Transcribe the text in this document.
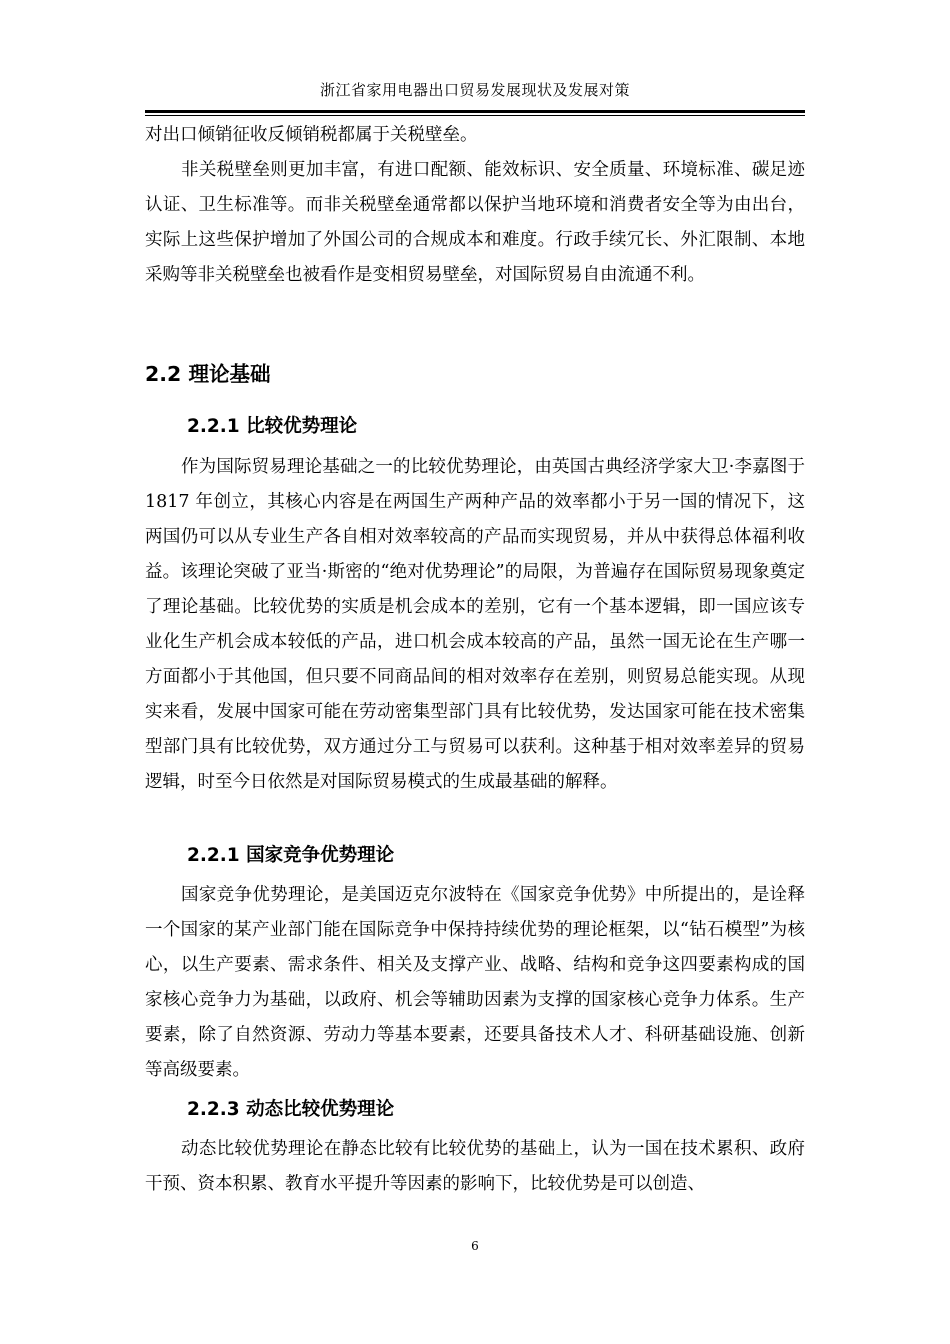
浙江省家用电器出口贸易发展现状及发展对策

对出口倾销征收反倾销税都属于关税壁垒。

非关税壁垒则更加丰富，有进口配额、能效标识、安全质量、环境标准、碳足迹认证、卫生标准等。而非关税壁垒通常都以保护当地环境和消费者安全等为由出台，实际上这些保护增加了外国公司的合规成本和难度。行政手续冗长、外汇限制、本地采购等非关税壁垒也被看作是变相贸易壁垒，对国际贸易自由流通不利。

2.2 理论基础
2.2.1 比较优势理论

作为国际贸易理论基础之一的比较优势理论，由英国古典经济学家大卫·李嘉图于 1817 年创立，其核心内容是在两国生产两种产品的效率都小于另一国的情况下，这两国仍可以从专业生产各自相对效率较高的产品而实现贸易，并从中获得总体福利收益。该理论突破了亚当·斯密的“绝对优势理论”的局限，为普遍存在国际贸易现象奠定了理论基础。比较优势的实质是机会成本的差别，它有一个基本逻辑，即一国应该专业化生产机会成本较低的产品，进口机会成本较高的产品，虽然一国无论在生产哪一方面都小于其他国，但只要不同商品间的相对效率存在差别，则贸易总能实现。从现实来看，发展中国家可能在劳动密集型部门具有比较优势，发达国家可能在技术密集型部门具有比较优势，双方通过分工与贸易可以获利。这种基于相对效率差异的贸易逻辑，时至今日依然是对国际贸易模式的生成最基础的解释。

2.2.1 国家竞争优势理论

国家竞争优势理论，是美国迈克尔波特在《国家竞争优势》中所提出的，是诠释一个国家的某产业部门能在国际竞争中保持持续优势的理论框架，以“钻石模型”为核心，以生产要素、需求条件、相关及支撑产业、战略、结构和竞争这四要素构成的国家核心竞争力为基础，以政府、机会等辅助因素为支撑的国家核心竞争力体系。生产要素，除了自然资源、劳动力等基本要素，还要具备技术人才、科研基础设施、创新等高级要素。

2.2.3 动态比较优势理论

动态比较优势理论在静态比较有比较优势的基础上，认为一国在技术累积、政府干预、资本积累、教育水平提升等因素的影响下，比较优势是可以创造、

6
